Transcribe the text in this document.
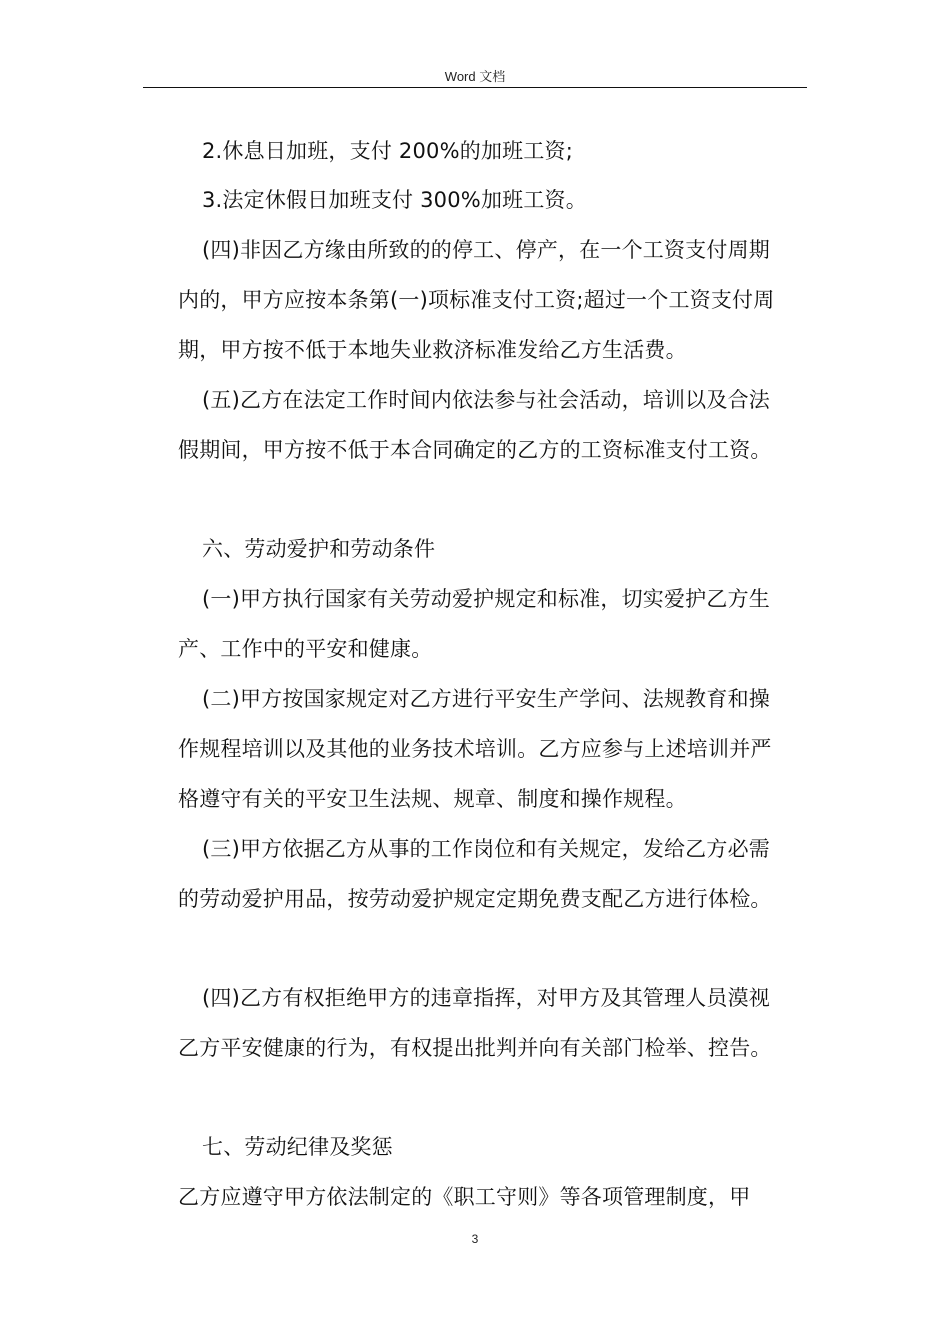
Word 文档
2.休息日加班，支付 200%的加班工资;
3.法定休假日加班支付 300%加班工资。
(四)非因乙方缘由所致的的停工、停产，在一个工资支付周期
内的，甲方应按本条第(一)项标准支付工资;超过一个工资支付周
期，甲方按不低于本地失业救济标准发给乙方生活费。
(五)乙方在法定工作时间内依法参与社会活动，培训以及合法
假期间，甲方按不低于本合同确定的乙方的工资标准支付工资。
六、劳动爱护和劳动条件
(一)甲方执行国家有关劳动爱护规定和标准，切实爱护乙方生
产、工作中的平安和健康。
(二)甲方按国家规定对乙方进行平安生产学问、法规教育和操
作规程培训以及其他的业务技术培训。乙方应参与上述培训并严
格遵守有关的平安卫生法规、规章、制度和操作规程。
(三)甲方依据乙方从事的工作岗位和有关规定，发给乙方必需
的劳动爱护用品，按劳动爱护规定定期免费支配乙方进行体检。
(四)乙方有权拒绝甲方的违章指挥，对甲方及其管理人员漠视
乙方平安健康的行为，有权提出批判并向有关部门检举、控告。
七、劳动纪律及奖惩
乙方应遵守甲方依法制定的《职工守则》等各项管理制度，甲
3
